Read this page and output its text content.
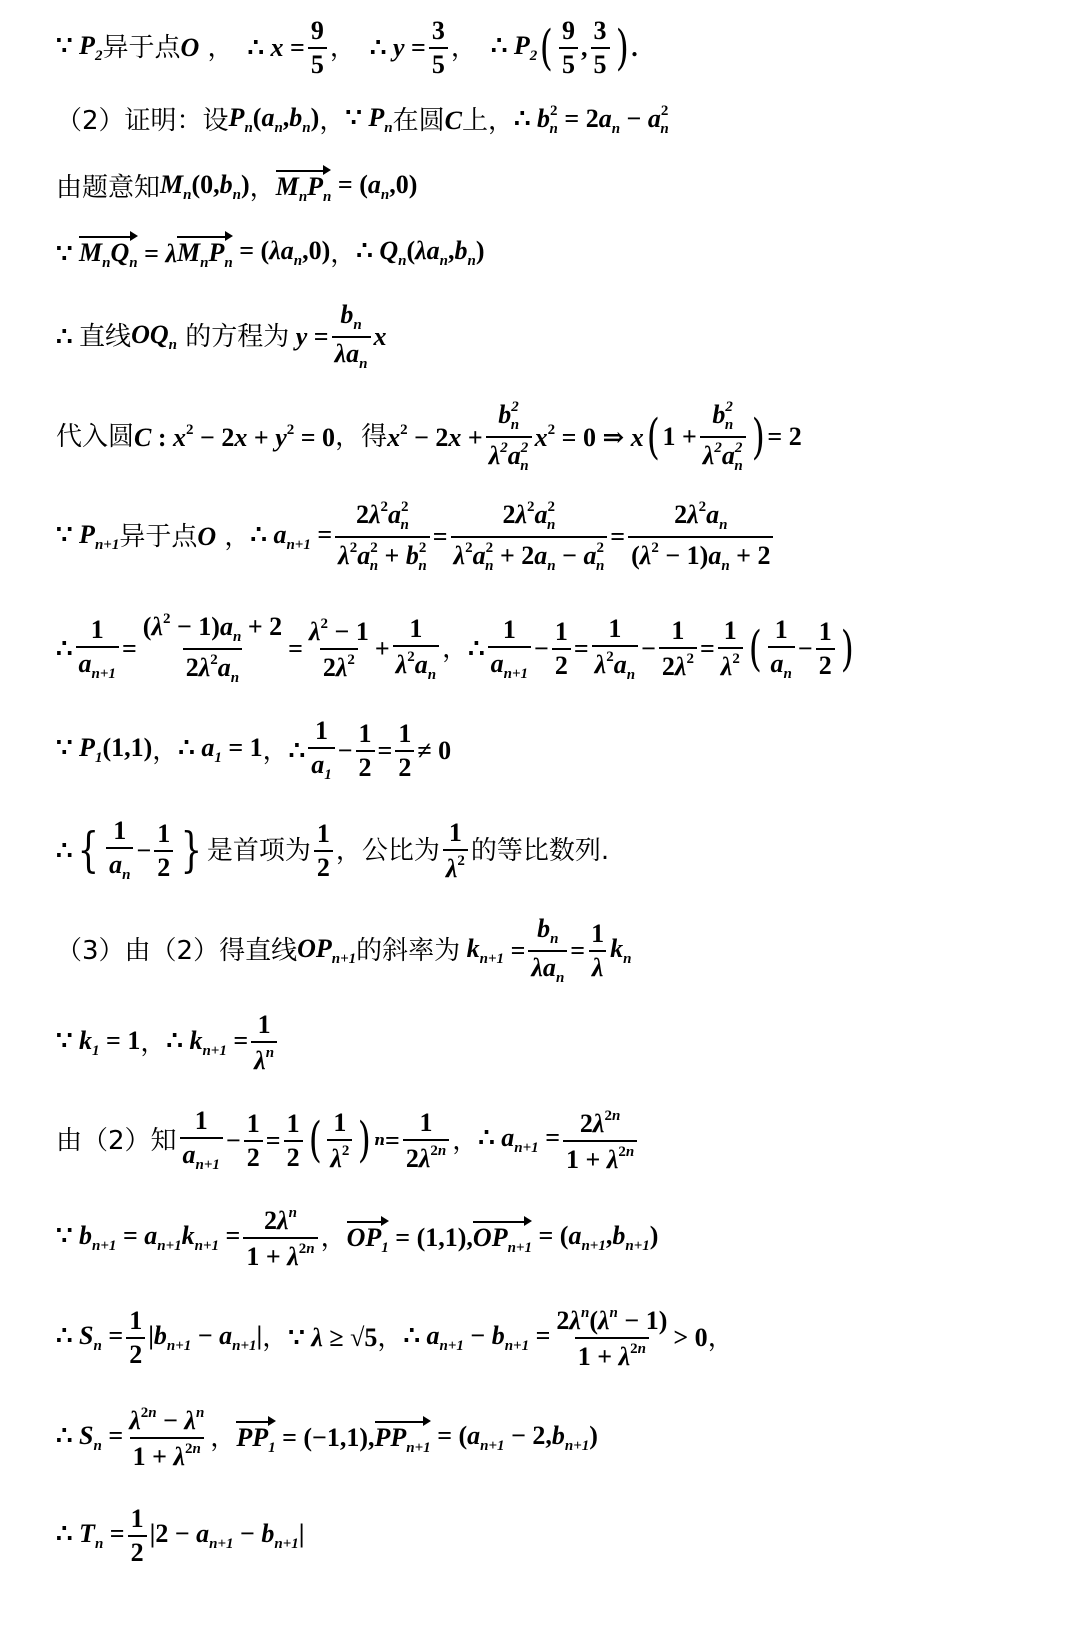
∵ $P_2$ 异于点 O ， ∴ $x = \frac{9}{5}$ ， ∴ $y = \frac{3}{5}$ ， ∴ $P_2$ ( $\frac{9}{5}$ , $\frac{3}{5}$ ) .
（2）证明：设 $P_n(a_n,b_n)$ ， ∵ $P_n$ 在圆 C 上， ∴ $b^2_n = 2a_n - a^2_n$
由题意知 $M_n(0,b_n)$ ， $M_nP_n = (a_n,0)$
∵ $M_nQ_n = \lambda$ $M_nP_n = (\lambda a_n,0)$ ， ∴ $Q_n(\lambda a_n,b_n)$
∴ 直线 $OQ_n$ 的方程为 $y = \frac{b_n}{\lambda a_n}$ x
代入圆 C : $x^2 - 2x + y^2 = 0$ ，得 $x^2 - 2x + \frac{b^2_n}{\lambda^2a^2_n} x^2 = 0$ ⇒ x ( $1 + \frac{b^2_n}{\lambda^2a^2_n}$ ) = 2
∵ $P_{n+1}$ 异于点 O ， ∴ $a_{n+1} = \frac{2\lambda^2a^2_n}{\lambda^2a^2_n + b^2_n} = \frac{2\lambda^2a^2_n}{\lambda^2a^2_n + 2a_n - a^2_n} = \frac{2\lambda^2a_n}{(\lambda^2 - 1)a_n + 2}$
∴ $\frac{1}{a_{n+1}} = \frac{(\lambda^2 - 1)a_n + 2}{2\lambda^2a_n} = \frac{\lambda^2 - 1}{2\lambda^2} + \frac{1}{\lambda^2a_n}$ ， ∴ $\frac{1}{a_{n+1}} - \frac{1}{2} = \frac{1}{\lambda^2a_n} - \frac{1}{2\lambda^2} = \frac{1}{\lambda^2}$ ( $\frac{1}{a_n} - \frac{1}{2}$ )
∵ $P_1(1,1)$ ， ∴ $a_1 = 1$ ， ∴ $\frac{1}{a_1} - \frac{1}{2} = \frac{1}{2} \ne 0$
∴ { $\frac{1}{a_n} - \frac{1}{2}$ } 是首项为 $\frac{1}{2}$ ，公比为 $\frac{1}{\lambda^2}$ 的等比数列.
（3）由（2）得直线 $OP_{n+1}$ 的斜率为 $k_{n+1} = \frac{b_n}{\lambda a_n} = \frac{1}{\lambda} k_n$
∵ $k_1 = 1$ ， ∴ $k_{n+1} = \frac{1}{\lambda^n}$
由（2）知 $\frac{1}{a_{n+1}} - \frac{1}{2} = \frac{1}{2}$ ( $\frac{1}{\lambda^2}$ ) $n = \frac{1}{2\lambda^{2n}}$ ， ∴ $a_{n+1} = \frac{2\lambda^{2n}}{1 + \lambda^{2n}}$
∵ $b_{n+1} = a_{n+1}k_{n+1} = \frac{2\lambda^n}{1 + \lambda^{2n}}$ ， $OP_1 = (1,1)$, $OP_{n+1} = (a_{n+1},b_{n+1})$
∴ $S_n = \frac{1}{2} |b_{n+1} - a_{n+1}|$ ， ∵ λ ≥ √5 ， ∴ $a_{n+1} - b_{n+1} = \frac{2\lambda^n(\lambda^n - 1)}{1 + \lambda^{2n}} > 0$ ，
∴ $S_n = \frac{\lambda^{2n} - \lambda^n}{1 + \lambda^{2n}}$ ， $PP_1 = (-1,1)$, $PP_{n+1} = (a_{n+1} - 2,b_{n+1})$
∴ $T_n = \frac{1}{2} |2 - a_{n+1} - b_{n+1}|$
